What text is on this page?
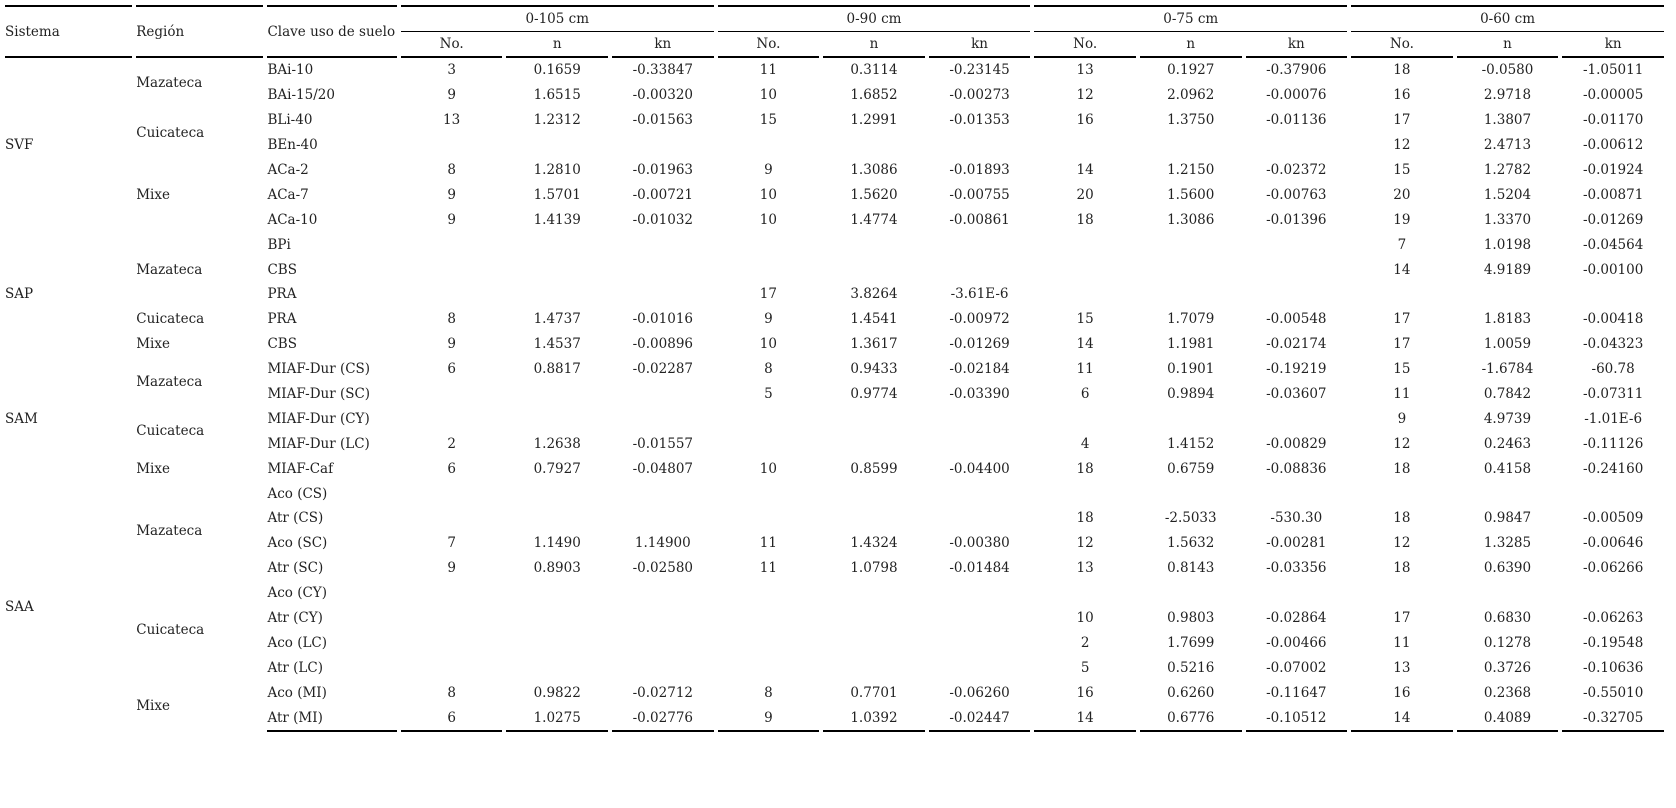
Sistema	Región	Clave uso de suelo	0-105 cm			0-90 cm			0-75 cm			0-60 cm		
			No.	n	kn	No.	n	kn	No.	n	kn	No.	n	kn
SVF	Mazateca	BAi-10	3	0.1659	-0.33847	11	0.3114	-0.23145	13	0.1927	-0.37906	18	-0.0580	-1.05011
		BAi-15/20	9	1.6515	-0.00320	10	1.6852	-0.00273	12	2.0962	-0.00076	16	2.9718	-0.00005
	Cuicateca	BLi-40	13	1.2312	-0.01563	15	1.2991	-0.01353	16	1.3750	-0.01136	17	1.3807	-0.01170
		BEn-40										12	2.4713	-0.00612
	Mixe	ACa-2	8	1.2810	-0.01963	9	1.3086	-0.01893	14	1.2150	-0.02372	15	1.2782	-0.01924
		ACa-7	9	1.5701	-0.00721	10	1.5620	-0.00755	20	1.5600	-0.00763	20	1.5204	-0.00871
		ACa-10	9	1.4139	-0.01032	10	1.4774	-0.00861	18	1.3086	-0.01396	19	1.3370	-0.01269
SAP	Mazateca	BPi										7	1.0198	-0.04564
		CBS										14	4.9189	-0.00100
		PRA				17	3.8264	-3.61E-6						
	Cuicateca	PRA	8	1.4737	-0.01016	9	1.4541	-0.00972	15	1.7079	-0.00548	17	1.8183	-0.00418
	Mixe	CBS	9	1.4537	-0.00896	10	1.3617	-0.01269	14	1.1981	-0.02174	17	1.0059	-0.04323
SAM	Mazateca	MIAF-Dur (CS)	6	0.8817	-0.02287	8	0.9433	-0.02184	11	0.1901	-0.19219	15	-1.6784	-60.78
		MIAF-Dur (SC)				5	0.9774	-0.03390	6	0.9894	-0.03607	11	0.7842	-0.07311
	Cuicateca	MIAF-Dur (CY)										9	4.9739	-1.01E-6
		MIAF-Dur (LC)	2	1.2638	-0.01557				4	1.4152	-0.00829	12	0.2463	-0.11126
	Mixe	MIAF-Caf	6	0.7927	-0.04807	10	0.8599	-0.04400	18	0.6759	-0.08836	18	0.4158	-0.24160
SAA	Mazateca	Aco (CS)												
		Atr (CS)							18	-2.5033	-530.30	18	0.9847	-0.00509
		Aco (SC)	7	1.1490	1.14900	11	1.4324	-0.00380	12	1.5632	-0.00281	12	1.3285	-0.00646
		Atr (SC)	9	0.8903	-0.02580	11	1.0798	-0.01484	13	0.8143	-0.03356	18	0.6390	-0.06266
	Cuicateca	Aco (CY)												
		Atr (CY)							10	0.9803	-0.02864	17	0.6830	-0.06263
		Aco (LC)							2	1.7699	-0.00466	11	0.1278	-0.19548
		Atr (LC)							5	0.5216	-0.07002	13	0.3726	-0.10636
	Mixe	Aco (MI)	8	0.9822	-0.02712	8	0.7701	-0.06260	16	0.6260	-0.11647	16	0.2368	-0.55010
		Atr (MI)	6	1.0275	-0.02776	9	1.0392	-0.02447	14	0.6776	-0.10512	14	0.4089	-0.32705
